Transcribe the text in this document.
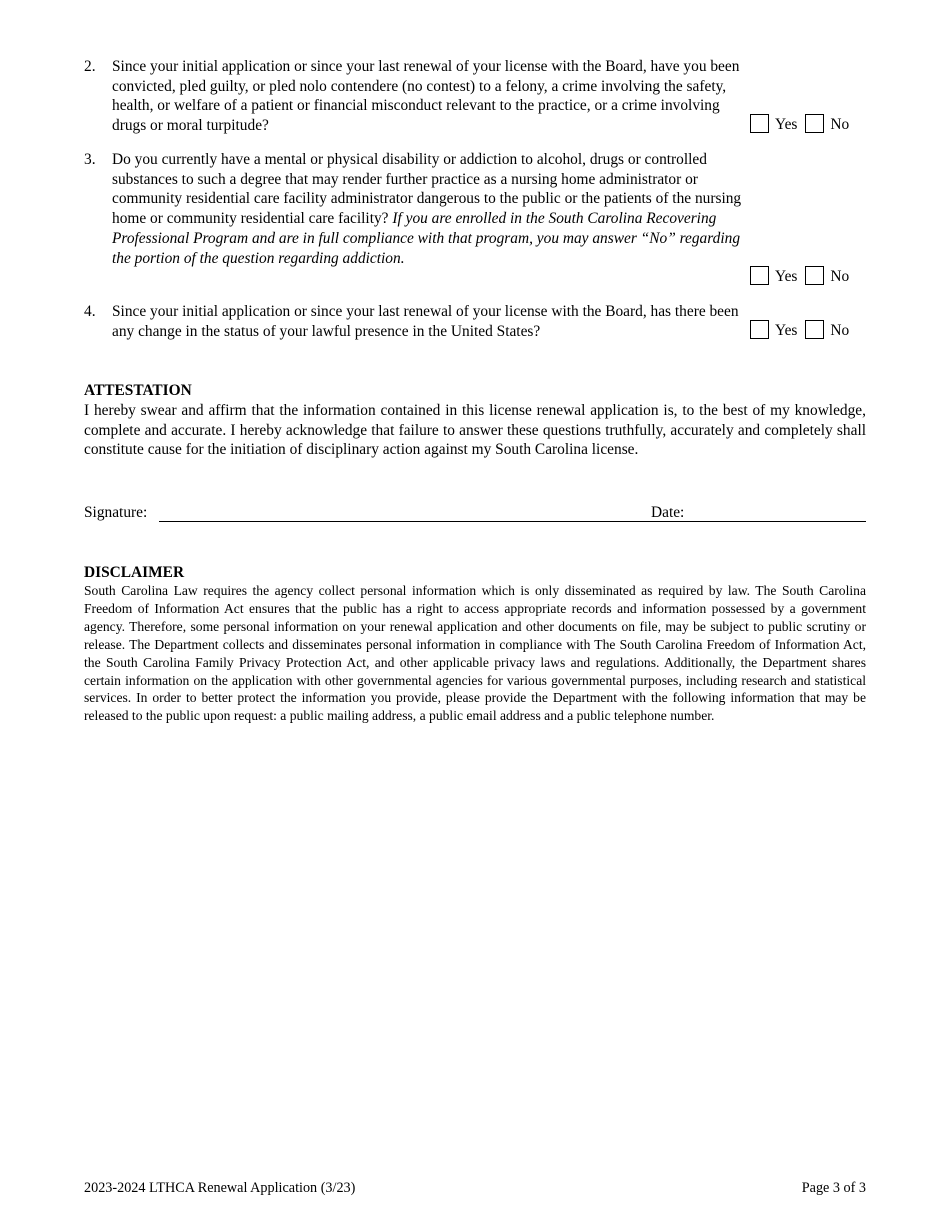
2. Since your initial application or since your last renewal of your license with the Board, have you been convicted, pled guilty, or pled nolo contendere (no contest) to a felony, a crime involving the safety, health, or welfare of a patient or financial misconduct relevant to the practice, or a crime involving drugs or moral turpitude?	Yes No
3. Do you currently have a mental or physical disability or addiction to alcohol, drugs or controlled substances to such a degree that may render further practice as a nursing home administrator or community residential care facility administrator dangerous to the public or the patients of the nursing home or community residential care facility? If you are enrolled in the South Carolina Recovering Professional Program and are in full compliance with that program, you may answer “No” regarding the portion of the question regarding addiction.
Yes No
4. Since your initial application or since your last renewal of your license with the Board, has there been any change in the status of your lawful presence in the United States?	Yes No
ATTESTATION
I hereby swear and affirm that the information contained in this license renewal application is, to the best of my knowledge, complete and accurate. I hereby acknowledge that failure to answer these questions truthfully, accurately and completely shall constitute cause for the initiation of disciplinary action against my South Carolina license.
Signature:	Date:
DISCLAIMER
South Carolina Law requires the agency collect personal information which is only disseminated as required by law. The South Carolina Freedom of Information Act ensures that the public has a right to access appropriate records and information possessed by a government agency. Therefore, some personal information on your renewal application and other documents on file, may be subject to public scrutiny or release. The Department collects and disseminates personal information in compliance with The South Carolina Freedom of Information Act, the South Carolina Family Privacy Protection Act, and other applicable privacy laws and regulations. Additionally, the Department shares certain information on the application with other governmental agencies for various governmental purposes, including research and statistical services. In order to better protect the information you provide, please provide the Department with the following information that may be released to the public upon request: a public mailing address, a public email address and a public telephone number.
2023-2024 LTHCA Renewal Application (3/23)	Page 3 of 3
